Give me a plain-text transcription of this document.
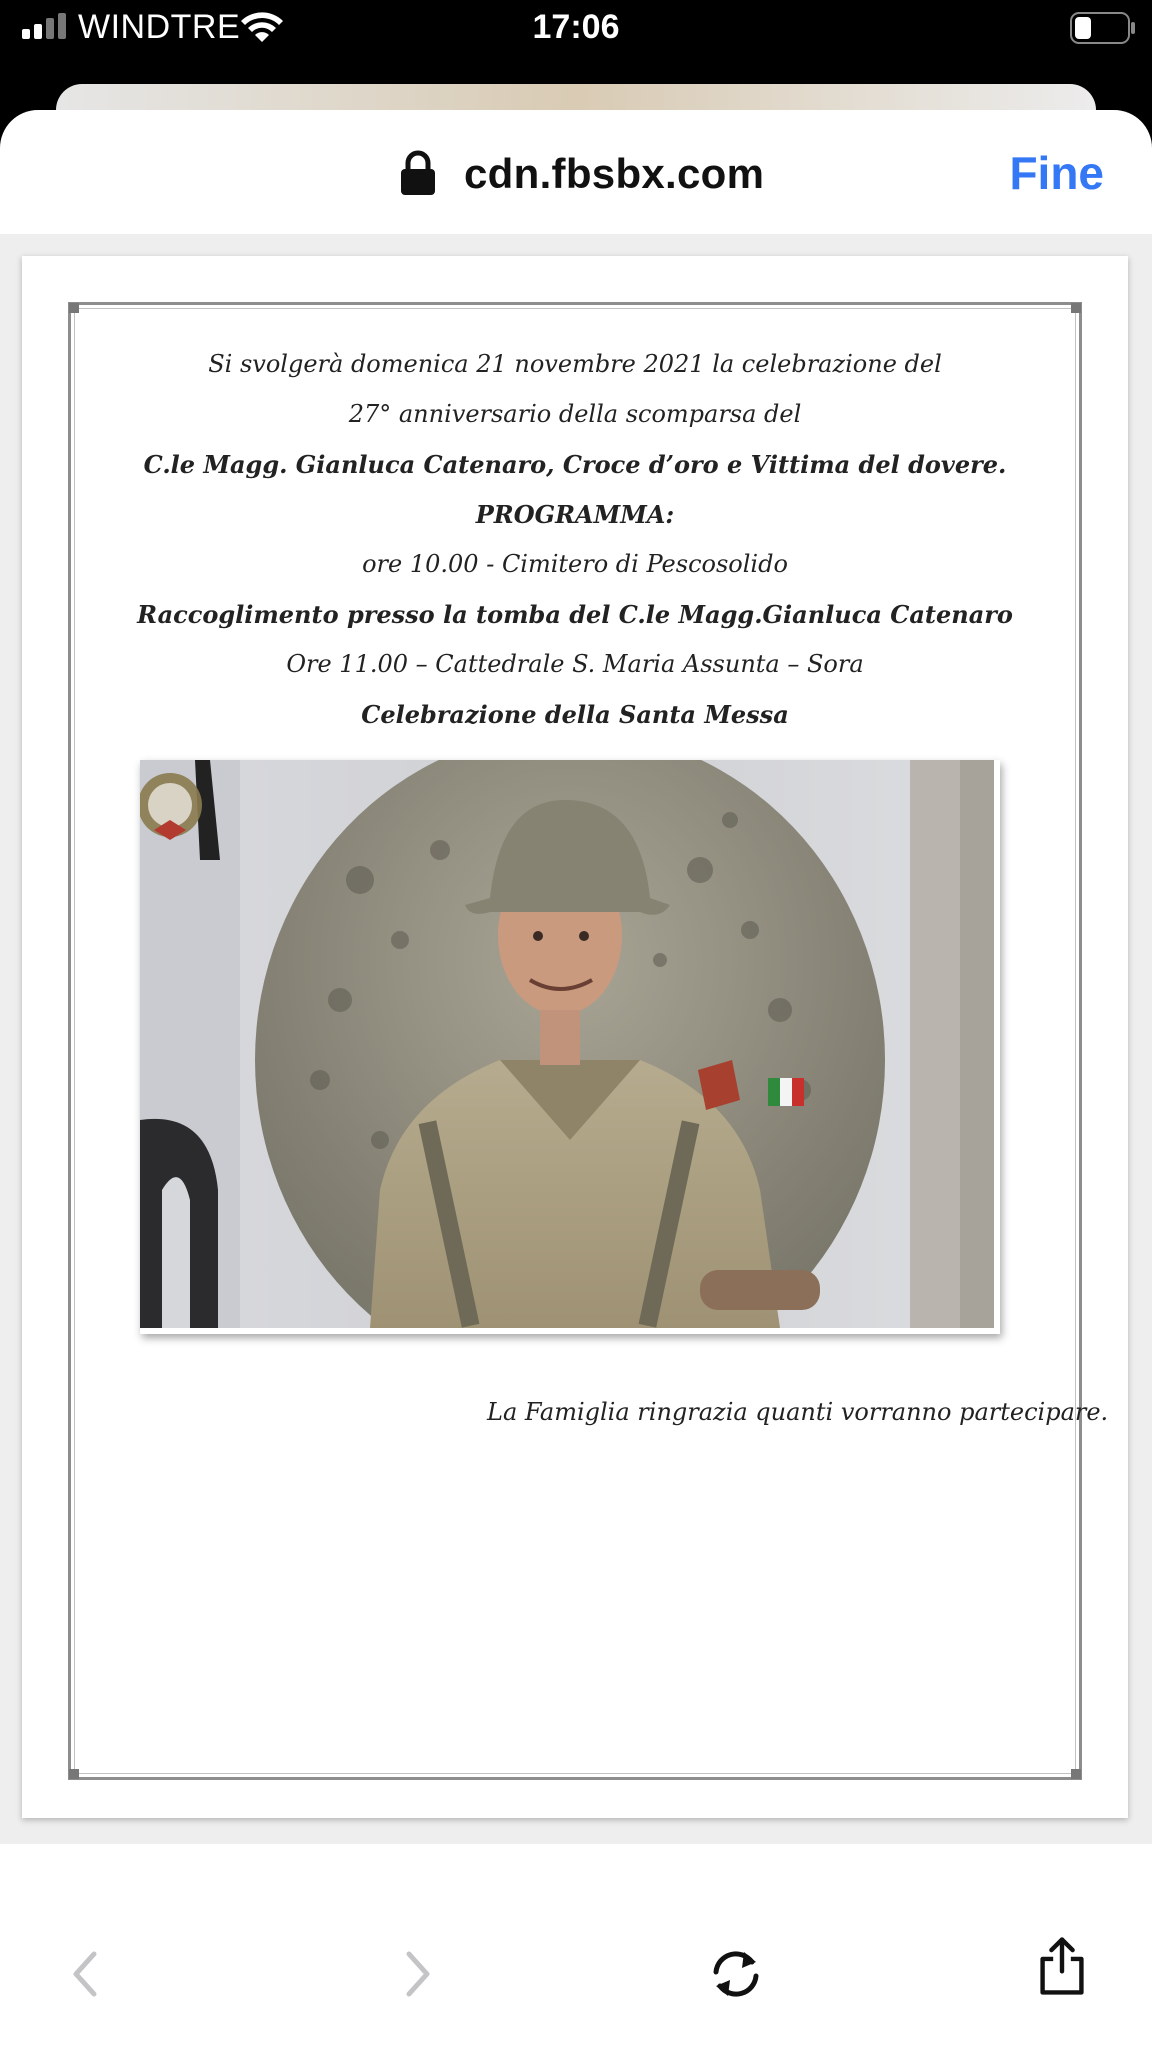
WINDTRE	17:06
cdn.fbsbx.com	Fine
Si svolgerà domenica 21 novembre 2021 la celebrazione del
27° anniversario della scomparsa del
C.le Magg. Gianluca Catenaro, Croce d’oro e Vittima del dovere.
PROGRAMMA:
ore 10.00 - Cimitero di Pescosolido
Raccoglimento presso la tomba del C.le Magg.Gianluca Catenaro
Ore 11.00 – Cattedrale S. Maria Assunta – Sora
Celebrazione della Santa Messa
La Famiglia ringrazia quanti vorranno partecipare.
